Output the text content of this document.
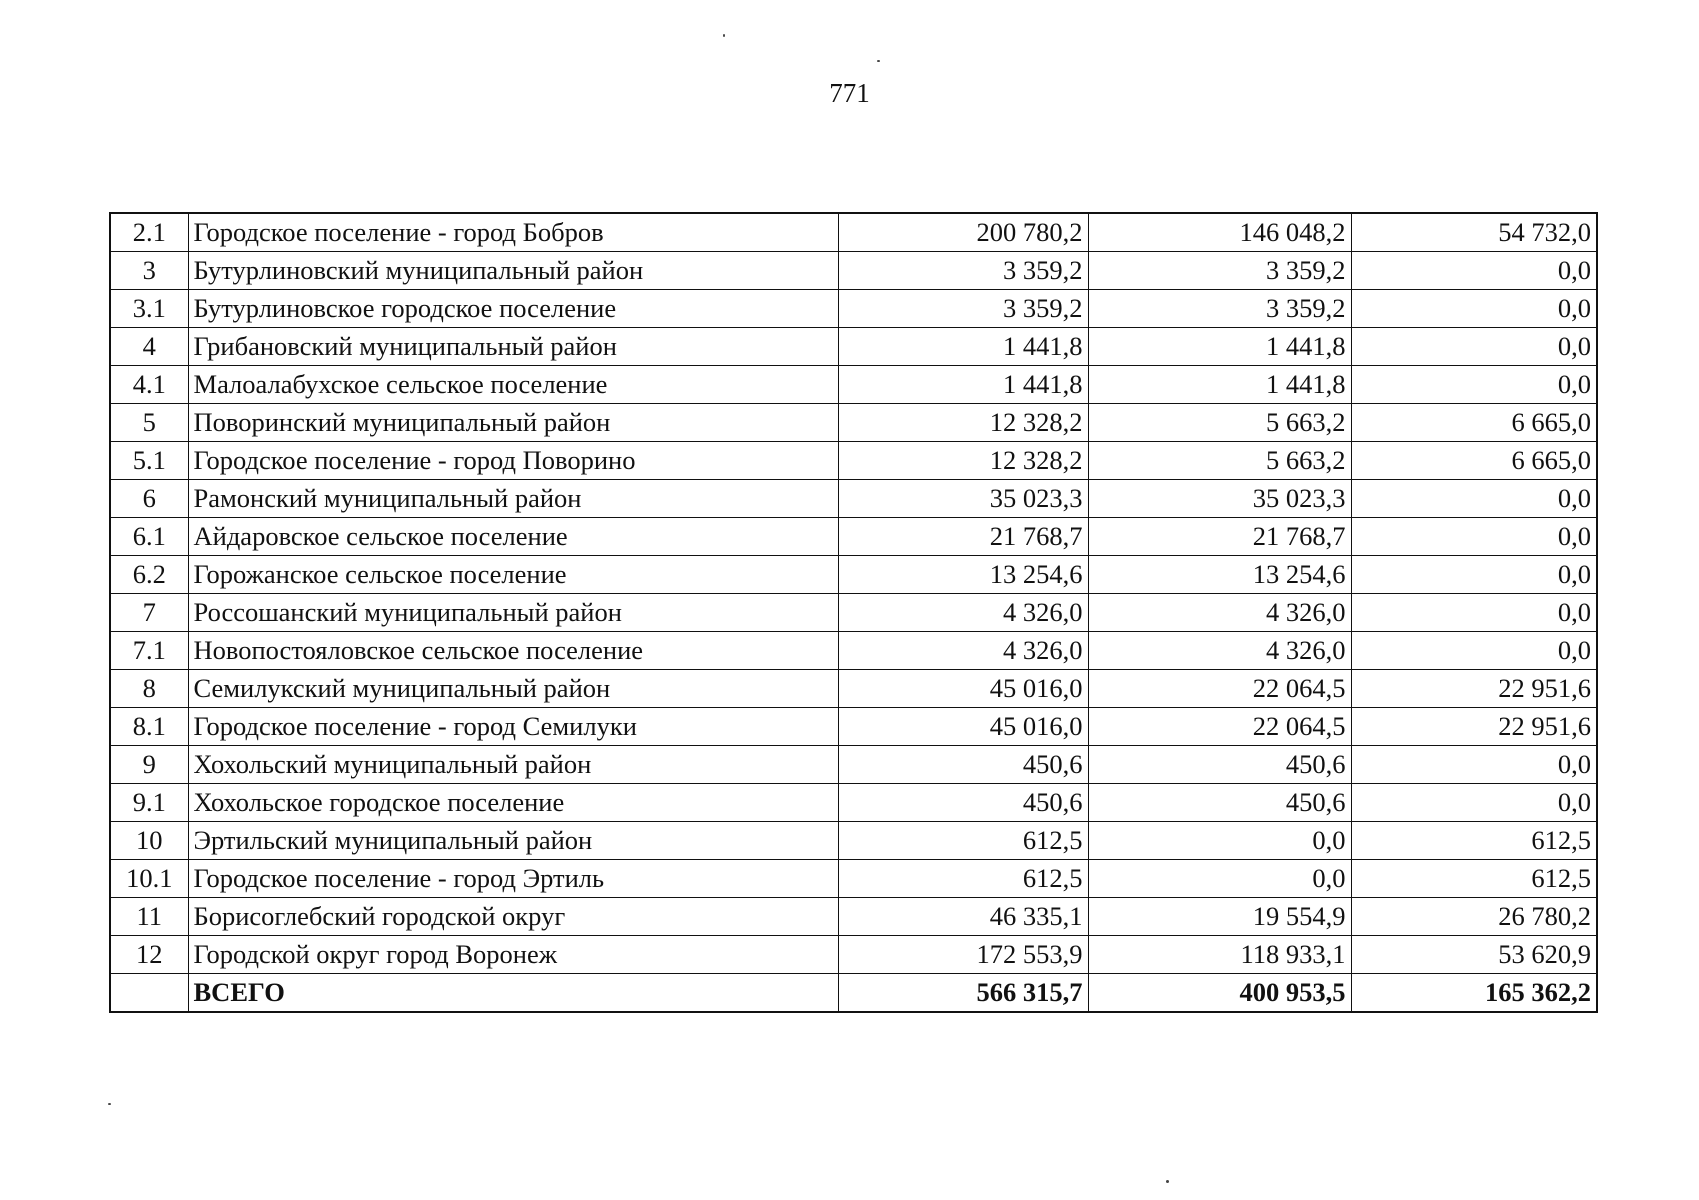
771
2.1	Городское поселение - город Бобров	200 780,2	146 048,2	54 732,0
3	Бутурлиновский муниципальный район	3 359,2	3 359,2	0,0
3.1	Бутурлиновское городское поселение	3 359,2	3 359,2	0,0
4	Грибановский муниципальный район	1 441,8	1 441,8	0,0
4.1	Малоалабухское сельское поселение	1 441,8	1 441,8	0,0
5	Поворинский муниципальный район	12 328,2	5 663,2	6 665,0
5.1	Городское поселение - город Поворино	12 328,2	5 663,2	6 665,0
6	Рамонский муниципальный район	35 023,3	35 023,3	0,0
6.1	Айдаровское сельское поселение	21 768,7	21 768,7	0,0
6.2	Горожанское сельское поселение	13 254,6	13 254,6	0,0
7	Россошанский муниципальный район	4 326,0	4 326,0	0,0
7.1	Новопостояловское сельское поселение	4 326,0	4 326,0	0,0
8	Семилукский муниципальный район	45 016,0	22 064,5	22 951,6
8.1	Городское поселение - город Семилуки	45 016,0	22 064,5	22 951,6
9	Хохольский муниципальный район	450,6	450,6	0,0
9.1	Хохольское городское поселение	450,6	450,6	0,0
10	Эртильский муниципальный район	612,5	0,0	612,5
10.1	Городское поселение - город Эртиль	612,5	0,0	612,5
11	Борисоглебский городской округ	46 335,1	19 554,9	26 780,2
12	Городской округ город Воронеж	172 553,9	118 933,1	53 620,9
	ВСЕГО	566 315,7	400 953,5	165 362,2
